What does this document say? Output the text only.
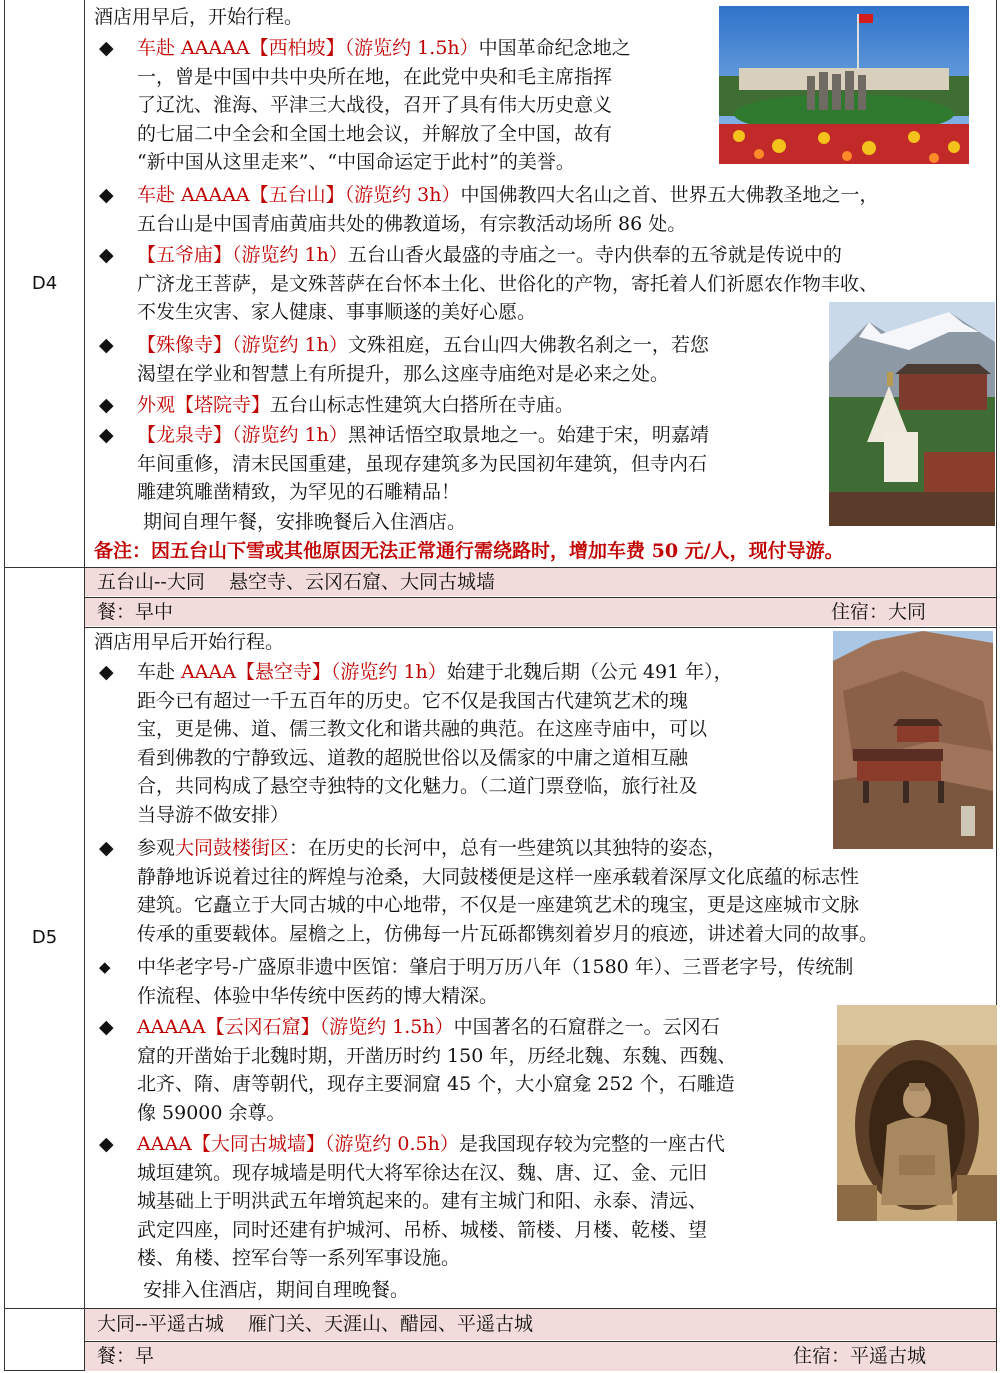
D4
酒店用早后，开始行程。
◆ 车赴 AAAAA【西柏坡】（游览约 1.5h）中国革命纪念地之
一，曾是中国中共中央所在地，在此党中央和毛主席指挥
了辽沈、淮海、平津三大战役，召开了具有伟大历史意义
的七届二中全会和全国土地会议，并解放了全中国，故有
“新中国从这里走来”、“中国命运定于此村”的美誉。
◆ 车赴 AAAAA【五台山】（游览约 3h）中国佛教四大名山之首、世界五大佛教圣地之一，
五台山是中国青庙黄庙共处的佛教道场，有宗教活动场所 86 处。
◆ 【五爷庙】（游览约 1h）五台山香火最盛的寺庙之一。寺内供奉的五爷就是传说中的
广济龙王菩萨，是文殊菩萨在台怀本土化、世俗化的产物，寄托着人们祈愿农作物丰收、
不发生灾害、家人健康、事事顺遂的美好心愿。
◆ 【殊像寺】（游览约 1h）文殊祖庭，五台山四大佛教名刹之一，若您
渴望在学业和智慧上有所提升，那么这座寺庙绝对是必来之处。
◆ 外观【塔院寺】五台山标志性建筑大白搭所在寺庙。
◆ 【龙泉寺】（游览约 1h）黑神话悟空取景地之一。始建于宋，明嘉靖
年间重修，清末民国重建，虽现存建筑多为民国初年建筑，但寺内石
雕建筑雕凿精致，为罕见的石雕精品！
期间自理午餐，安排晚餐后入住酒店。
备注：因五台山下雪或其他原因无法正常通行需绕路时，增加车费 50 元/人，现付导游。
D5
五台山--大同    悬空寺、云冈石窟、大同古城墙
餐：早中	住宿：大同
酒店用早后开始行程。
◆ 车赴 AAAA【悬空寺】（游览约 1h）始建于北魏后期（公元 491 年），
距今已有超过一千五百年的历史。它不仅是我国古代建筑艺术的瑰
宝，更是佛、道、儒三教文化和谐共融的典范。在这座寺庙中，可以
看到佛教的宁静致远、道教的超脱世俗以及儒家的中庸之道相互融
合，共同构成了悬空寺独特的文化魅力。（二道门票登临，旅行社及
当导游不做安排）
◆ 参观大同鼓楼街区：在历史的长河中，总有一些建筑以其独特的姿态，
静静地诉说着过往的辉煌与沧桑，大同鼓楼便是这样一座承载着深厚文化底蕴的标志性
建筑。它矗立于大同古城的中心地带，不仅是一座建筑艺术的瑰宝，更是这座城市文脉
传承的重要载体。屋檐之上，仿佛每一片瓦砾都镌刻着岁月的痕迹，讲述着大同的故事。
◆ 中华老字号-广盛原非遗中医馆：肇启于明万历八年（1580 年）、三晋老字号，传统制
作流程、体验中华传统中医药的博大精深。
◆ AAAAA【云冈石窟】（游览约 1.5h）中国著名的石窟群之一。云冈石
窟的开凿始于北魏时期，开凿历时约 150 年，历经北魏、东魏、西魏、
北齐、隋、唐等朝代，现存主要洞窟 45 个，大小窟龛 252 个，石雕造
像 59000 余尊。
◆ AAAA【大同古城墙】（游览约 0.5h）是我国现存较为完整的一座古代
城垣建筑。现存城墙是明代大将军徐达在汉、魏、唐、辽、金、元旧
城基础上于明洪武五年增筑起来的。建有主城门和阳、永泰、清远、
武定四座，同时还建有护城河、吊桥、城楼、箭楼、月楼、乾楼、望
楼、角楼、控军台等一系列军事设施。
安排入住酒店，期间自理晚餐。
大同--平遥古城    雁门关、天涯山、醋园、平遥古城
餐：早	住宿：平遥古城
